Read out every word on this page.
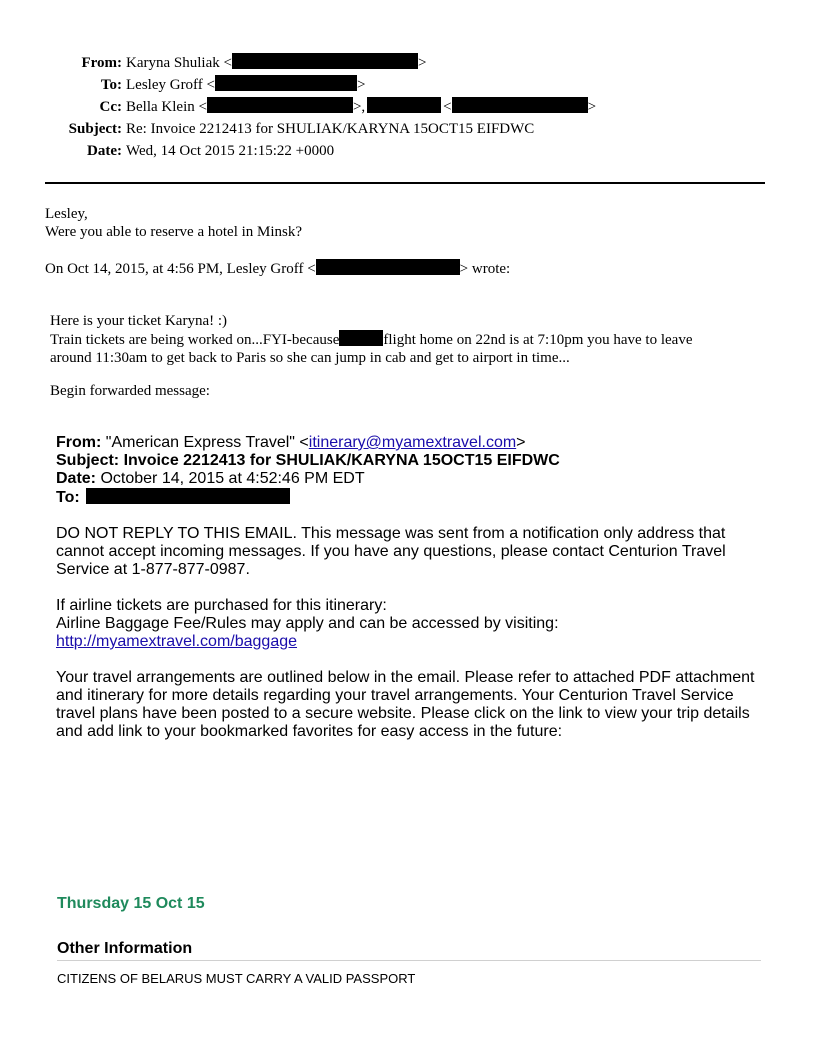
From:	Karyna Shuliak < >
To:	Lesley Groff < >
Cc:	Bella Klein < >, < >
Subject:	Re: Invoice 2212413 for SHULIAK/KARYNA 15OCT15 EIFDWC
Date:	Wed, 14 Oct 2015 21:15:22 +0000
Lesley,
Were you able to reserve a hotel in Minsk?
On Oct 14, 2015, at 4:56 PM, Lesley Groff <	> wrote:
Here is your ticket Karyna! :)
Train tickets are being worked on...FYI-because	flight home on 22nd is at 7:10pm you have to leave
around 11:30am to get back to Paris so she can jump in cab and get to airport in time...
Begin forwarded message:
From: "American Express Travel" <itinerary@myamextravel.com>
Subject: Invoice 2212413 for SHULIAK/KARYNA 15OCT15 EIFDWC
Date: October 14, 2015 at 4:52:46 PM EDT
To:
DO NOT REPLY TO THIS EMAIL. This message was sent from a notification only address that cannot accept incoming messages. If you have any questions, please contact Centurion Travel Service at 1-877-877-0987.
If airline tickets are purchased for this itinerary:
Airline Baggage Fee/Rules may apply and can be accessed by visiting:
http://myamextravel.com/baggage
Your travel arrangements are outlined below in the email. Please refer to attached PDF attachment and itinerary for more details regarding your travel arrangements. Your Centurion Travel Service travel plans have been posted to a secure website. Please click on the link to view your trip details and add link to your bookmarked favorites for easy access in the future:
Thursday 15 Oct 15
Other Information
CITIZENS OF BELARUS MUST CARRY A VALID PASSPORT
